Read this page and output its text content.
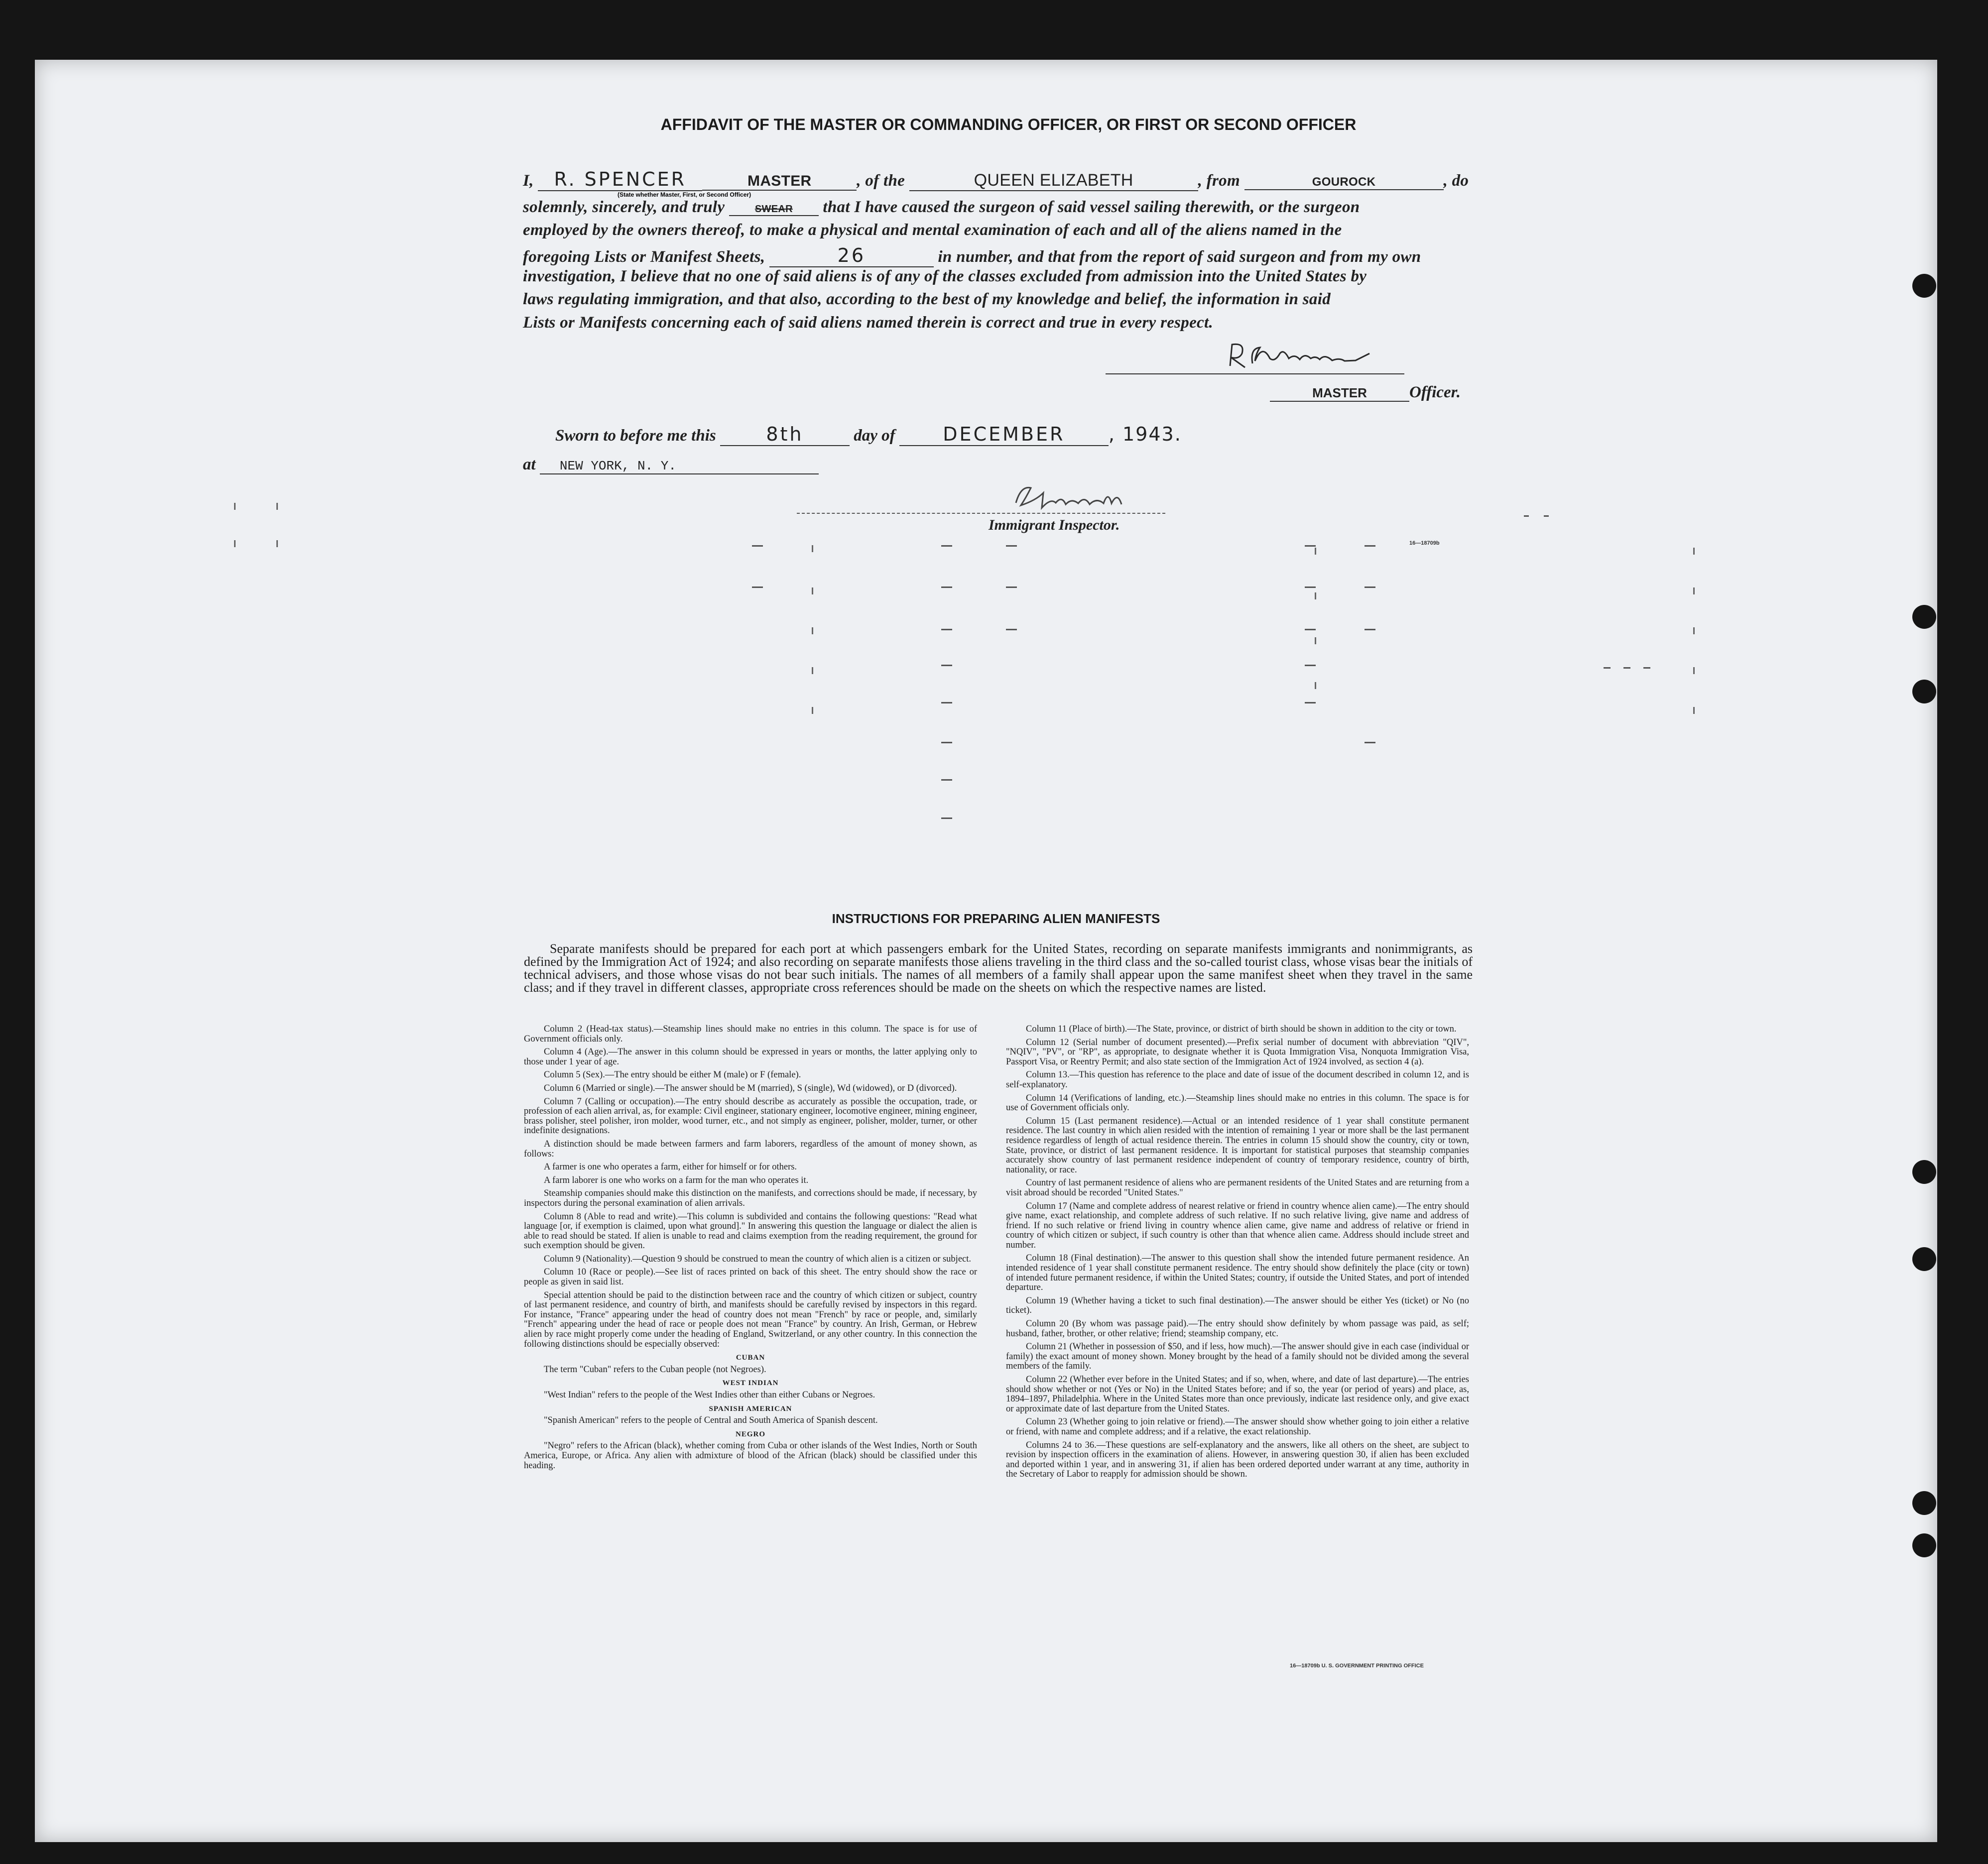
AFFIDAVIT OF THE MASTER OR COMMANDING OFFICER, OR FIRST OR SECOND OFFICER
I, R. SPENCER	MASTER	, of the	QUEEN ELIZABETH	, from	GOUROCK	, do
(State whether Master, First, or Second Officer)
solemnly, sincerely, and truly	SWEAR that I have caused the surgeon of said vessel sailing therewith, or the surgeon
employed by the owners thereof, to make a physical and mental examination of each and all of the aliens named in the
foregoing Lists or Manifest Sheets,	26	in number, and that from the report of said surgeon and from my own
investigation, I believe that no one of said aliens is of any of the classes excluded from admission into the United States by
laws regulating immigration, and that also, according to the best of my knowledge and belief, the information in said
Lists or Manifests concerning each of said aliens named therein is correct and true in every respect.
MASTER	Officer.
Sworn to before me this	8th	day of	DECEMBER , 1943.
at NEW YORK, N. Y.
Immigrant Inspector.
16—18709b
INSTRUCTIONS FOR PREPARING ALIEN MANIFESTS
Separate manifests should be prepared for each port at which passengers embark for the United States, recording on separate manifests immigrants and nonimmigrants, as defined by the Immigration Act of 1924; and also recording on separate manifests those aliens traveling in the third class and the so-called tourist class, whose visas bear the initials of technical advisers, and those whose visas do not bear such initials. The names of all members of a family shall appear upon the same manifest sheet when they travel in the same class; and if they travel in different classes, appropriate cross references should be made on the sheets on which the respective names are listed.

Column 2 (Head-tax status).—Steamship lines should make no entries in this column. The space is for use of Government officials only.

Column 4 (Age).—The answer in this column should be expressed in years or months, the latter applying only to those under 1 year of age.

Column 5 (Sex).—The entry should be either M (male) or F (female).

Column 6 (Married or single).—The answer should be M (married), S (single), Wd (widowed), or D (divorced).

Column 7 (Calling or occupation).—The entry should describe as accurately as possible the occupation, trade, or profession of each alien arrival, as, for example: Civil engineer, stationary engineer, locomotive engineer, mining engineer, brass polisher, steel polisher, iron molder, wood turner, etc., and not simply as engineer, polisher, molder, turner, or other indefinite designations.

A distinction should be made between farmers and farm laborers, regardless of the amount of money shown, as follows:

A farmer is one who operates a farm, either for himself or for others.

A farm laborer is one who works on a farm for the man who operates it.

Steamship companies should make this distinction on the manifests, and corrections should be made, if necessary, by inspectors during the personal examination of alien arrivals.

Column 8 (Able to read and write).—This column is subdivided and contains the following questions: "Read what language [or, if exemption is claimed, upon what ground]." In answering this question the language or dialect the alien is able to read should be stated. If alien is unable to read and claims exemption from the reading requirement, the ground for such exemption should be given.

Column 9 (Nationality).—Question 9 should be construed to mean the country of which alien is a citizen or subject.

Column 10 (Race or people).—See list of races printed on back of this sheet. The entry should show the race or people as given in said list.

Special attention should be paid to the distinction between race and the country of which citizen or subject, country of last permanent residence, and country of birth, and manifests should be carefully revised by inspectors in this regard. For instance, "France" appearing under the head of country does not mean "French" by race or people, and, similarly "French" appearing under the head of race or people does not mean "France" by country. An Irish, German, or Hebrew alien by race might properly come under the heading of England, Switzerland, or any other country. In this connection the following distinctions should be especially observed:

CUBAN

The term "Cuban" refers to the Cuban people (not Negroes).

WEST INDIAN

"West Indian" refers to the people of the West Indies other than either Cubans or Negroes.

SPANISH AMERICAN

"Spanish American" refers to the people of Central and South America of Spanish descent.

NEGRO

"Negro" refers to the African (black), whether coming from Cuba or other islands of the West Indies, North or South America, Europe, or Africa. Any alien with admixture of blood of the African (black) should be classified under this heading.

Column 11 (Place of birth).—The State, province, or district of birth should be shown in addition to the city or town.

Column 12 (Serial number of document presented).—Prefix serial number of document with abbreviation "QIV", "NQIV", "PV", or "RP", as appropriate, to designate whether it is Quota Immigration Visa, Nonquota Immigration Visa, Passport Visa, or Reentry Permit; and also state section of the Immigration Act of 1924 involved, as section 4 (a).

Column 13.—This question has reference to the place and date of issue of the document described in column 12, and is self-explanatory.

Column 14 (Verifications of landing, etc.).—Steamship lines should make no entries in this column. The space is for use of Government officials only.

Column 15 (Last permanent residence).—Actual or an intended residence of 1 year shall constitute permanent residence. The last country in which alien resided with the intention of remaining 1 year or more shall be the last permanent residence regardless of length of actual residence therein. The entries in column 15 should show the country, city or town, State, province, or district of last permanent residence. It is important for statistical purposes that steamship companies accurately show country of last permanent residence independent of country of temporary residence, country of birth, nationality, or race.

Country of last permanent residence of aliens who are permanent residents of the United States and are returning from a visit abroad should be recorded "United States."

Column 17 (Name and complete address of nearest relative or friend in country whence alien came).—The entry should give name, exact relationship, and complete address of such relative. If no such relative living, give name and address of friend. If no such relative or friend living in country whence alien came, give name and address of relative or friend in country of which citizen or subject, if such country is other than that whence alien came. Address should include street and number.

Column 18 (Final destination).—The answer to this question shall show the intended future permanent residence. An intended residence of 1 year shall constitute permanent residence. The entry should show definitely the place (city or town) of intended future permanent residence, if within the United States; country, if outside the United States, and port of intended departure.

Column 19 (Whether having a ticket to such final destination).—The answer should be either Yes (ticket) or No (no ticket).

Column 20 (By whom was passage paid).—The entry should show definitely by whom passage was paid, as self; husband, father, brother, or other relative; friend; steamship company, etc.

Column 21 (Whether in possession of $50, and if less, how much).—The answer should give in each case (individual or family) the exact amount of money shown. Money brought by the head of a family should not be divided among the several members of the family.

Column 22 (Whether ever before in the United States; and if so, when, where, and date of last departure).—The entries should show whether or not (Yes or No) in the United States before; and if so, the year (or period of years) and place, as, 1894–1897, Philadelphia. Where in the United States more than once previously, indicate last residence only, and give exact or approximate date of last departure from the United States.

Column 23 (Whether going to join relative or friend).—The answer should show whether going to join either a relative or friend, with name and complete address; and if a relative, the exact relationship.

Columns 24 to 36.—These questions are self-explanatory and the answers, like all others on the sheet, are subject to revision by inspection officers in the examination of aliens. However, in answering question 30, if alien has been excluded and deported within 1 year, and in answering 31, if alien has been ordered deported under warrant at any time, authority in the Secretary of Labor to reapply for admission should be shown.

16—18709b U. S. GOVERNMENT PRINTING OFFICE
